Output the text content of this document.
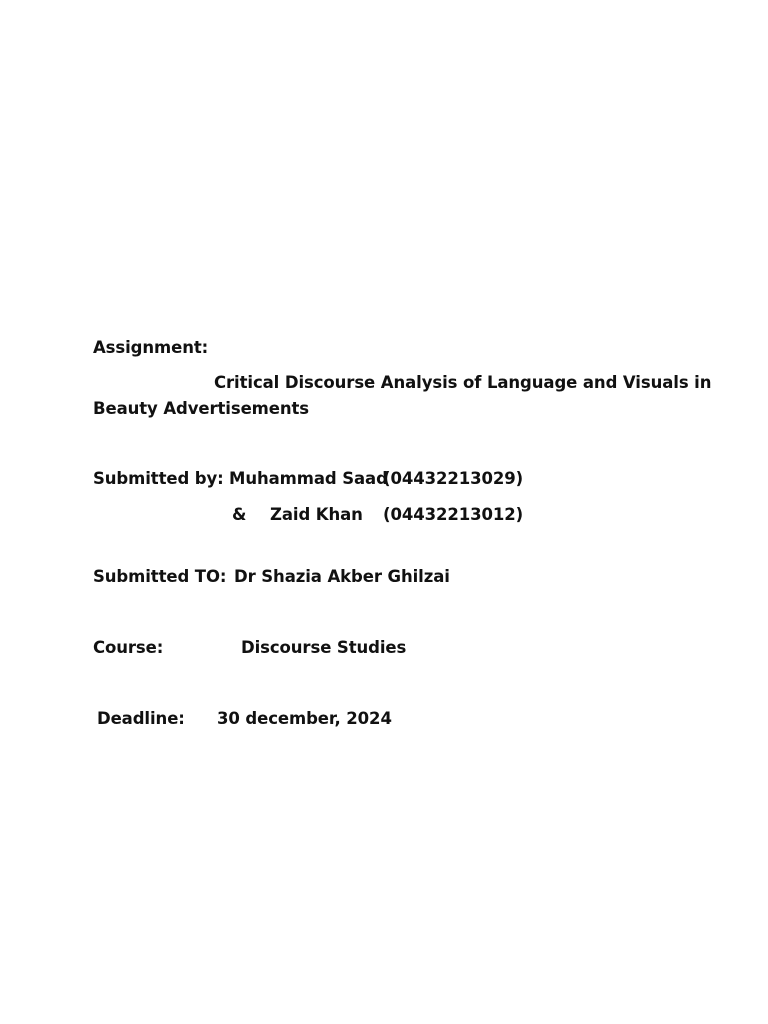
Assignment:
Critical Discourse Analysis of Language and Visuals in
Beauty Advertisements
Submitted by: Muhammad Saad
(04432213029)
& Zaid Khan (04432213012)
Submitted TO: Dr Shazia Akber Ghilzai
Course:	Discourse Studies
Deadline: 30 december, 2024
